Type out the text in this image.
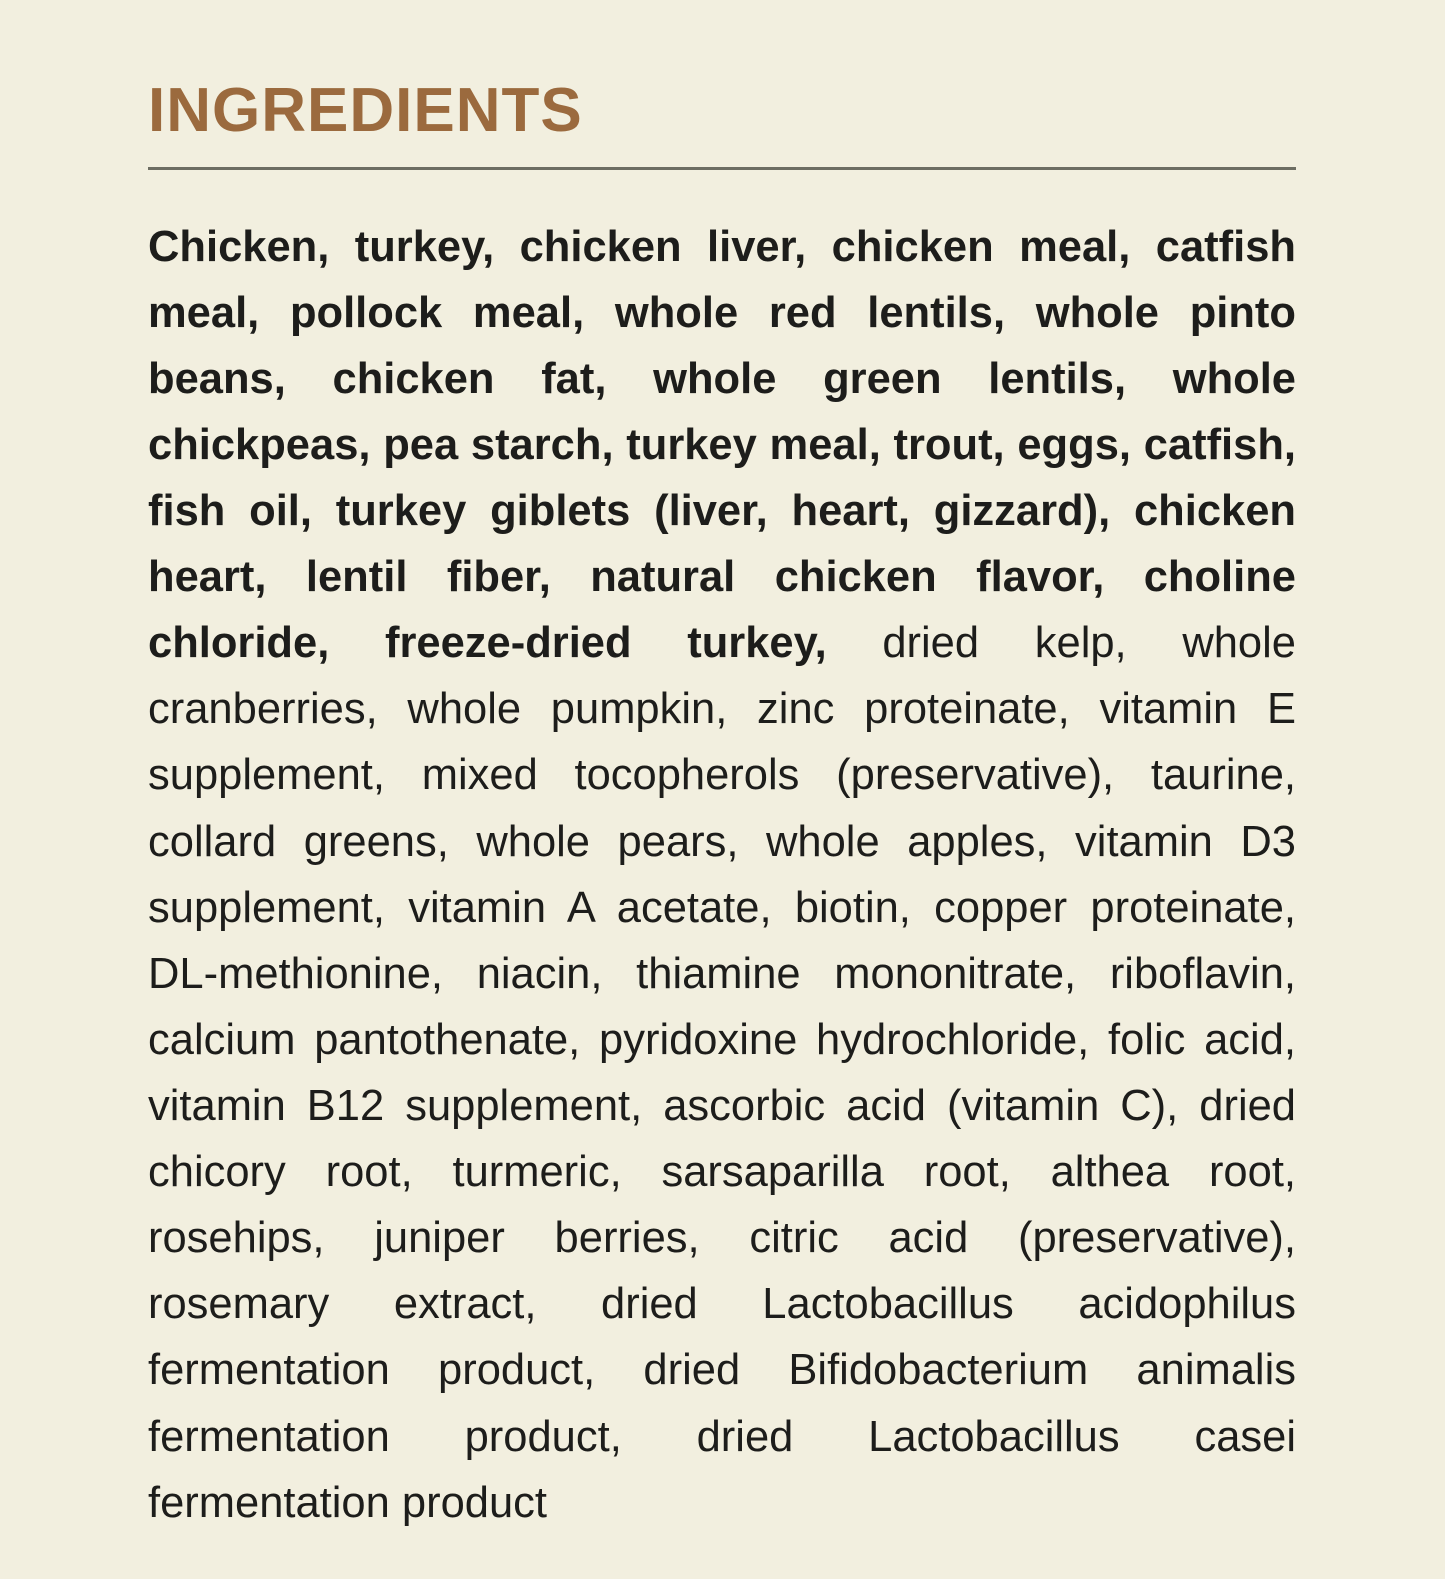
INGREDIENTS

Chicken, turkey, chicken liver, chicken meal, catfish meal, pollock meal, whole red lentils, whole pinto beans, chicken fat, whole green lentils, whole chickpeas, pea starch, turkey meal, trout, eggs, catfish, fish oil, turkey giblets (liver, heart, gizzard), chicken heart, lentil fiber, natural chicken flavor, choline chloride, freeze-dried turkey, dried kelp, whole cranberries, whole pumpkin, zinc proteinate, vitamin E supplement, mixed tocopherols (preservative), taurine, collard greens, whole pears, whole apples, vitamin D3 supplement, vitamin A acetate, biotin, copper proteinate, DL-methionine, niacin, thiamine mononitrate, riboflavin, calcium pantothenate, pyridoxine hydrochloride, folic acid, vitamin B12 supplement, ascorbic acid (vitamin C), dried chicory root, turmeric, sarsaparilla root, althea root, rosehips, juniper berries, citric acid (preservative), rosemary extract, dried Lactobacillus acidophilus fermentation product, dried Bifidobacterium animalis fermentation product, dried Lactobacillus casei fermentation product
